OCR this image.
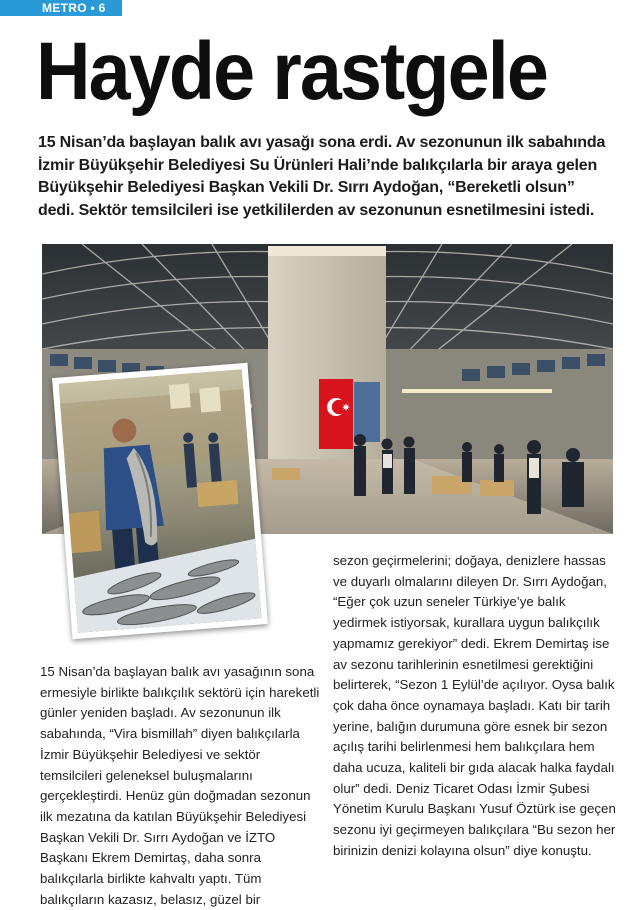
METRO • 6
Hayde rastgele

15 Nisan’da başlayan balık avı yasağı sona erdi. Av sezonunun ilk sabahında İzmir Büyükşehir Belediyesi Su Ürünleri Hali’nde balıkçılarla bir araya gelen Büyükşehir Belediyesi Başkan Vekili Dr. Sırrı Aydoğan, “Bereketli olsun” dedi. Sektör temsilcileri ise yetkililerden av sezonunun esnetilmesini istedi.

15 Nisan’da başlayan balık avı yasağının sona ermesiyle birlikte balıkçılık sektörü için hareketli günler yeniden başladı. Av sezonunun ilk sabahında, “Vira bismillah” diyen balıkçılarla İzmir Büyükşehir Belediyesi ve sektör temsilcileri geleneksel buluşmalarını gerçekleştirdi. Henüz gün doğmadan sezonun ilk mezatına da katılan Büyükşehir Belediyesi Başkan Vekili Dr. Sırrı Aydoğan ve İZTO Başkanı Ekrem Demirtaş, daha sonra balıkçılarla birlikte kahvaltı yaptı. Tüm balıkçıların kazasız, belasız, güzel bir

sezon geçirmelerini; doğaya, denizlere hassas ve duyarlı olmalarını dileyen Dr. Sırrı Aydoğan, “Eğer çok uzun seneler Türkiye’ye balık yedirmek istiyorsak, kurallara uygun balıkçılık yapmamız gerekiyor” dedi. Ekrem Demirtaş ise av sezonu tarihlerinin esnetilmesi gerektiğini belirterek, “Sezon 1 Eylül’de açılıyor. Oysa balık çok daha önce oynamaya başladı. Katı bir tarih yerine, balığın durumuna göre esnek bir sezon açılış tarihi belirlenmesi hem balıkçılara hem daha ucuza, kaliteli bir gıda alacak halka faydalı olur” dedi. Deniz Ticaret Odası İzmir Şubesi Yönetim Kurulu Başkanı Yusuf Öztürk ise geçen sezonu iyi geçirmeyen balıkçılara “Bu sezon her birinizin denizi kolayına olsun” diye konuştu.
